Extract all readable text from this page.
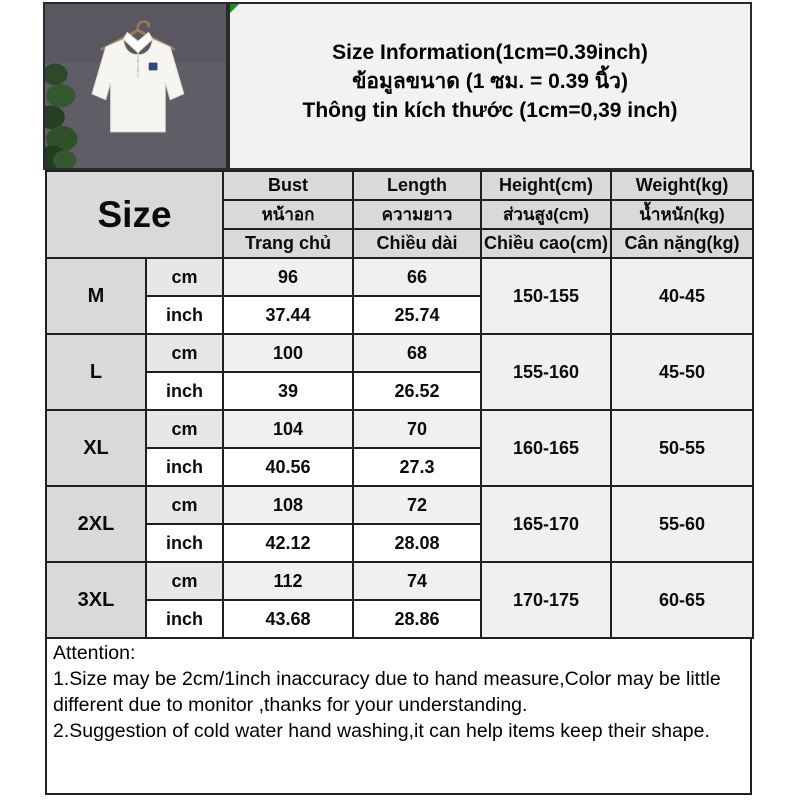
Size Information(1cm=0.39inch)
ข้อมูลขนาด (1 ซม. = 0.39 นิ้ว)
Thông tin kích thước (1cm=0,39 inch)
Size		Bust	Length	Height(cm)	Weight(kg)
		หน้าอก	ความยาว	ส่วนสูง(cm)	น้ำหนัก(kg)
		Trang chủ	Chiều dài	Chiều cao(cm)	Cân nặng(kg)
M	cm	96	66	150-155	40-45
	inch	37.44	25.74		
L	cm	100	68	155-160	45-50
	inch	39	26.52		
XL	cm	104	70	160-165	50-55
	inch	40.56	27.3		
2XL	cm	108	72	165-170	55-60
	inch	42.12	28.08		
3XL	cm	112	74	170-175	60-65
	inch	43.68	28.86		
Attention:
1.Size may be 2cm/1inch inaccuracy due to hand measure,Color may be little different due to monitor ,thanks for your understanding.
2.Suggestion of cold water hand washing,it can help items keep their shape.
